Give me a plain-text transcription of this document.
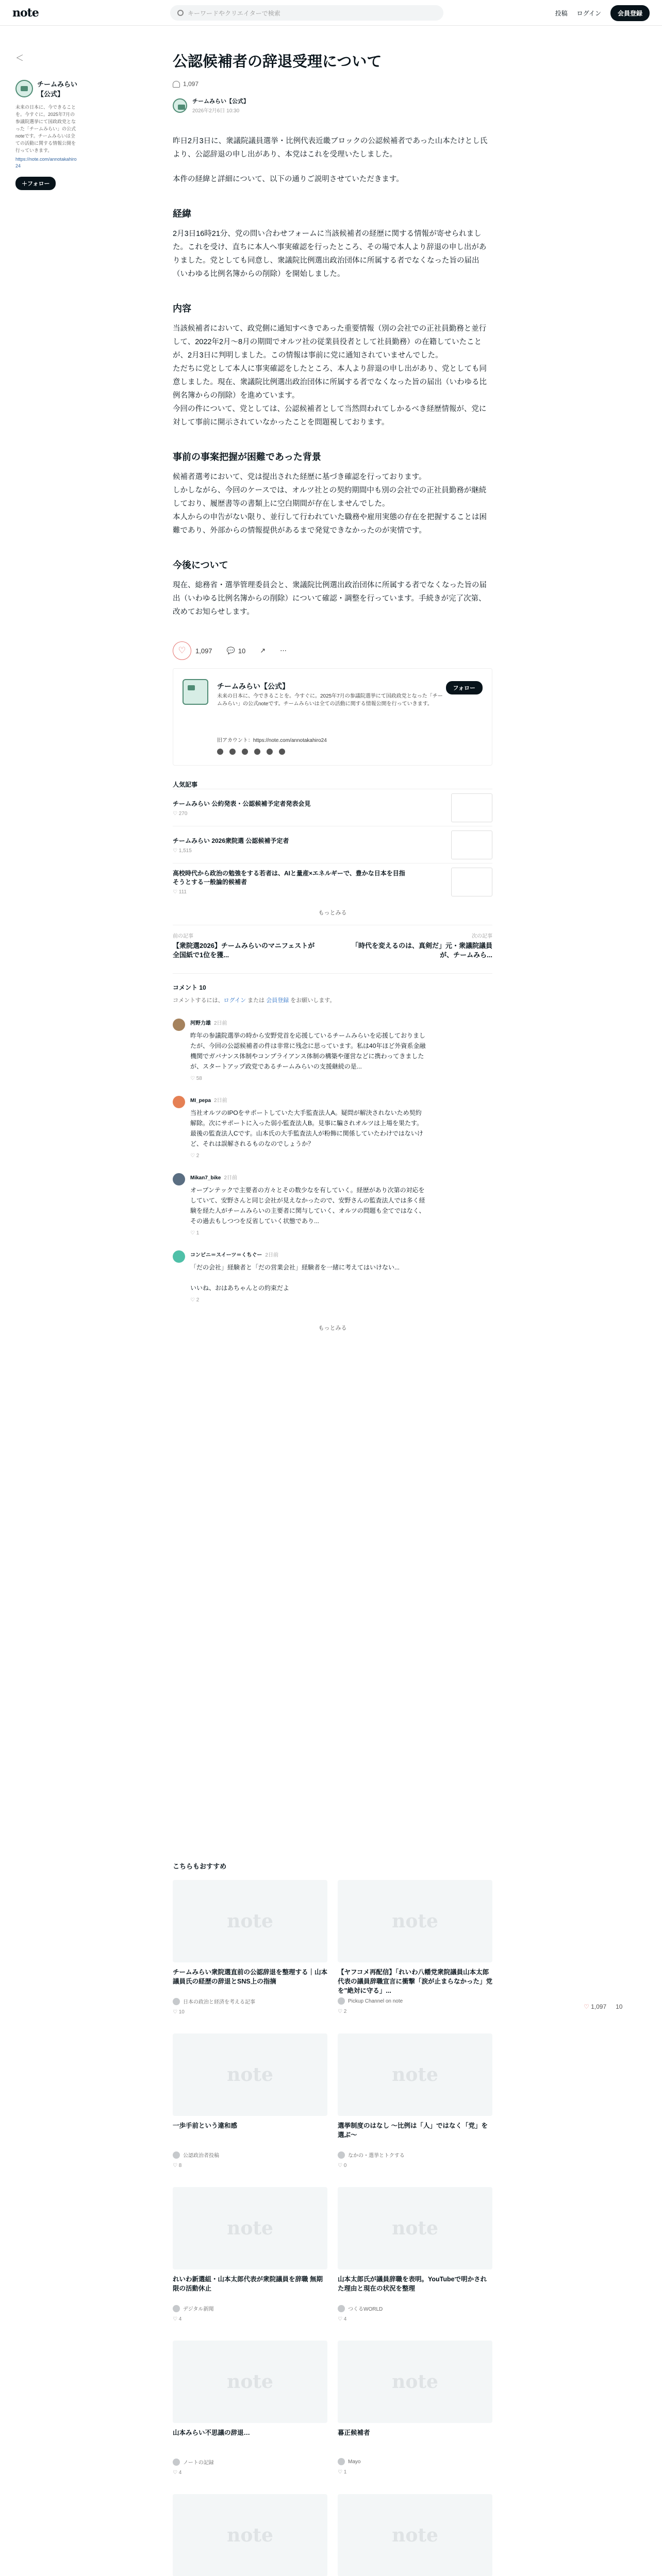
note	キーワードやクリエイターで検索	投稿 ログイン	会員登録
＜
チームみらい【公式】
未来の日本に、今できることを。今すぐに。2025年7月の参議院選挙にて国政政党となった「チームみらい」の公式noteです。チームみらいは全ての活動に関する情報公開を行っていきます。
https://note.com/annotakahiro24
＋フォロー
公認候補者の辞退受理について
1,097
チームみらい【公式】
2026年2月6日 10:30

昨日2月3日に、衆議院議員選挙・比例代表近畿ブロックの公認候補者であった山本たけとし氏より、公認辞退の申し出があり、本党はこれを受理いたしました。

本件の経緯と詳細について、以下の通りご説明させていただきます。

経緯

2月3日16時21分、党の問い合わせフォームに当該候補者の経歴に関する情報が寄せられました。これを受け、直ちに本人へ事実確認を行ったところ、その場で本人より辞退の申し出がありました。党としても同意し、衆議院比例選出政治団体に所属する者でなくなった旨の届出（いわゆる比例名簿からの削除）を開始しました。

内容

当該候補者において、政党側に通知すべきであった重要情報（別の会社での正社員勤務と並行して、2022年2月〜8月の期間でオルツ社の従業員役者として社員勤務）の在籍していたことが、2月3日に判明しました。この情報は事前に党に通知されていませんでした。

ただちに党として本人に事実確認をしたところ、本人より辞退の申し出があり、党としても同意しました。現在、衆議院比例選出政治団体に所属する者でなくなった旨の届出（いわゆる比例名簿からの削除）を進めています。

今回の件について、党としては、公認候補者として当然問われてしかるべき経歴情報が、党に対して事前に開示されていなかったことを問題視しております。

事前の事案把握が困難であった背景

候補者選考において、党は提出された経歴に基づき確認を行っております。

しかしながら、今回のケースでは、オルツ社との契約期間中も別の会社での正社員勤務が継続しており、履歴書等の書類上に空白期間が存在しませんでした。

本人からの申告がない限り、並行して行われていた職務や雇用実態の存在を把握することは困難であり、外部からの情報提供があるまで発覚できなかったのが実情です。

今後について

現在、総務省・選挙管理委員会と、衆議院比例選出政治団体に所属する者でなくなった旨の届出（いわゆる比例名簿からの削除）について確認・調整を行っています。手続きが完了次第、改めてお知らせします。

♡	1,097 💬 10 ↗ ⋯
チームみらい【公式】
未来の日本に、今できることを。今すぐに。2025年7月の参議院選挙にて国政政党となった「チームみらい」の公式noteです。チームみらいは全ての活動に関する情報公開を行っていきます。
フォロー
旧アカウント：https://note.com/annotakahiro24
人気記事
チームみらい 公約発表・公認候補予定者発表会見
♡ 270
チームみらい 2026衆院選 公認候補予定者
♡ 1,515
高校時代から政治の勉強をする若者は、AIと量産×エネルギーで、豊かな日本を目指そうとする一般論的候補者
♡ 111
もっとみる
前の記事
【衆院選2026】チームみらいのマニフェストが全国紙で1位を獲...
次の記事
「時代を変えるのは、真剣だ」元・衆議院議員が、チームみら...
コメント 10
コメントするには、ログイン または 会員登録 をお願いします。
河野力雄 2日前
昨年の参議院選挙の時から安野党首を応援しているチームみらいを応援しておりましたが、今回の公認候補者の件は非常に残念に思っています。私は40年ほど外資系金融機関でガバナンス体制やコンプライアンス体制の構築や運営などに携わってきましたが、スタートアップ政党であるチームみらいの支援継続の是...
♡ 58
MI_pepa 2日前
当社オルツのIPOをサポートしていた大手監査法人A。疑問が解決されないため契約解除。次にサポートに入った弱小監査法人B。見事に騙されオルツは上場を果たす。最後の監査法人Cです。山本氏の大手監査法人が粉飾に関係していたわけではないけど、それは誤解されるものなのでしょうか？
♡ 2
Mikan7_bike 2日前
オープンテックで主要者の方々とその数少なを有していく。経歴があり次第の対応をしていて、安野さんと同じ会社が見えなかったので、安野さんの監査法人では多く経験を経た人がチームみらいの主要者に関与していく、オルツの問題も全てではなく、その過去もしつつを反省していく状態であり...
♡ 1
コンビニ＝スイーツ＝くちぐー 2日前
「だの会社」経験者と「だの営業会社」経験者を一緒に考えてはいけない...

いいね、おはあちゃんとの約束だよ
♡ 2
もっとみる
こちらもおすすめ
note
チームみらい衆院選直前の公認辞退を整理する｜山本議員氏の経歴の辞退とSNS上の指摘
日本の政治と経済を考える記事
♡ 10
note
【ヤフコメ再配信】「れいわ八幡党衆院議員山本太郎代表の議員辞職宣言に衝撃「涙が止まらなかった」党を"絶対に守る」...
Pickup Channel on note
♡ 2
note
一歩手前という違和感
公認政治者投稿
♡ 8
note
選挙制度のはなし ～比例は「人」ではなく「党」を選ぶ～
なかの・選挙とトクする
♡ 0
note
れいわ新選組・山本太郎代表が衆院議員を辞職 無期限の活動休止
デジタル新聞
♡ 4
note
山本太郎氏が議員辞職を表明。YouTubeで明かされた理由と現在の状況を整理
つくるWORLD
♡ 4
note
山本みらい不思議の辞退…
ノートの記録
♡ 4
note
暮正候補者
Mayo
♡ 1
note	note
♡ 1,097 10
